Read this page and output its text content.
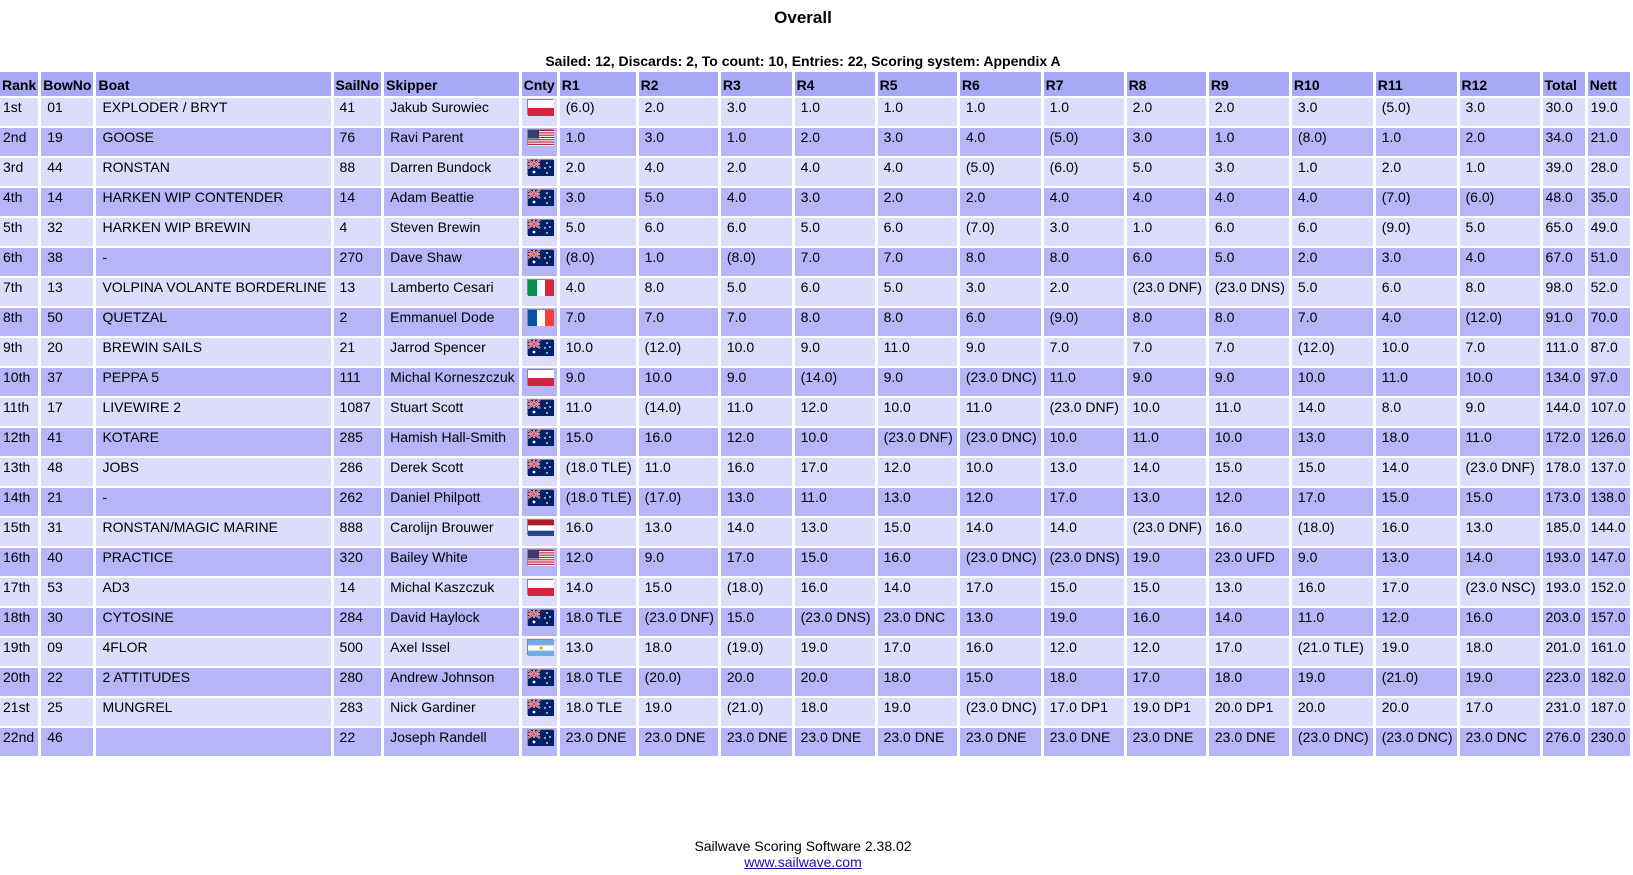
Overall
Sailed: 12, Discards: 2, To count: 10, Entries: 22, Scoring system: Appendix A
Rank	BowNo	Boat	SailNo	Skipper	Cnty	R1	R2	R3	R4	R5	R6	R7	R8	R9	R10	R11	R12	Total	Nett
1st	01	EXPLODER / BRYT	41	Jakub Surowiec		(6.0)	2.0	3.0	1.0	1.0	1.0	1.0	2.0	2.0	3.0	(5.0)	3.0	30.0	19.0
2nd	19	GOOSE	76	Ravi Parent		1.0	3.0	1.0	2.0	3.0	4.0	(5.0)	3.0	1.0	(8.0)	1.0	2.0	34.0	21.0
3rd	44	RONSTAN	88	Darren Bundock		2.0	4.0	2.0	4.0	4.0	(5.0)	(6.0)	5.0	3.0	1.0	2.0	1.0	39.0	28.0
4th	14	HARKEN WIP CONTENDER	14	Adam Beattie		3.0	5.0	4.0	3.0	2.0	2.0	4.0	4.0	4.0	4.0	(7.0)	(6.0)	48.0	35.0
5th	32	HARKEN WIP BREWIN	4	Steven Brewin		5.0	6.0	6.0	5.0	6.0	(7.0)	3.0	1.0	6.0	6.0	(9.0)	5.0	65.0	49.0
6th	38	-	270	Dave Shaw		(8.0)	1.0	(8.0)	7.0	7.0	8.0	8.0	6.0	5.0	2.0	3.0	4.0	67.0	51.0
7th	13	VOLPINA VOLANTE BORDERLINE	13	Lamberto Cesari		4.0	8.0	5.0	6.0	5.0	3.0	2.0	(23.0 DNF)	(23.0 DNS)	5.0	6.0	8.0	98.0	52.0
8th	50	QUETZAL	2	Emmanuel Dode		7.0	7.0	7.0	8.0	8.0	6.0	(9.0)	8.0	8.0	7.0	4.0	(12.0)	91.0	70.0
9th	20	BREWIN SAILS	21	Jarrod Spencer		10.0	(12.0)	10.0	9.0	11.0	9.0	7.0	7.0	7.0	(12.0)	10.0	7.0	111.0	87.0
10th	37	PEPPA 5	111	Michal Korneszczuk		9.0	10.0	9.0	(14.0)	9.0	(23.0 DNC)	11.0	9.0	9.0	10.0	11.0	10.0	134.0	97.0
11th	17	LIVEWIRE 2	1087	Stuart Scott		11.0	(14.0)	11.0	12.0	10.0	11.0	(23.0 DNF)	10.0	11.0	14.0	8.0	9.0	144.0	107.0
12th	41	KOTARE	285	Hamish Hall-Smith		15.0	16.0	12.0	10.0	(23.0 DNF)	(23.0 DNC)	10.0	11.0	10.0	13.0	18.0	11.0	172.0	126.0
13th	48	JOBS	286	Derek Scott		(18.0 TLE)	11.0	16.0	17.0	12.0	10.0	13.0	14.0	15.0	15.0	14.0	(23.0 DNF)	178.0	137.0
14th	21	-	262	Daniel Philpott		(18.0 TLE)	(17.0)	13.0	11.0	13.0	12.0	17.0	13.0	12.0	17.0	15.0	15.0	173.0	138.0
15th	31	RONSTAN/MAGIC MARINE	888	Carolijn Brouwer		16.0	13.0	14.0	13.0	15.0	14.0	14.0	(23.0 DNF)	16.0	(18.0)	16.0	13.0	185.0	144.0
16th	40	PRACTICE	320	Bailey White		12.0	9.0	17.0	15.0	16.0	(23.0 DNC)	(23.0 DNS)	19.0	23.0 UFD	9.0	13.0	14.0	193.0	147.0
17th	53	AD3	14	Michal Kaszczuk		14.0	15.0	(18.0)	16.0	14.0	17.0	15.0	15.0	13.0	16.0	17.0	(23.0 NSC)	193.0	152.0
18th	30	CYTOSINE	284	David Haylock		18.0 TLE	(23.0 DNF)	15.0	(23.0 DNS)	23.0 DNC	13.0	19.0	16.0	14.0	11.0	12.0	16.0	203.0	157.0
19th	09	4FLOR	500	Axel Issel		13.0	18.0	(19.0)	19.0	17.0	16.0	12.0	12.0	17.0	(21.0 TLE)	19.0	18.0	201.0	161.0
20th	22	2 ATTITUDES	280	Andrew Johnson		18.0 TLE	(20.0)	20.0	20.0	18.0	15.0	18.0	17.0	18.0	19.0	(21.0)	19.0	223.0	182.0
21st	25	MUNGREL	283	Nick Gardiner		18.0 TLE	19.0	(21.0)	18.0	19.0	(23.0 DNC)	17.0 DP1	19.0 DP1	20.0 DP1	20.0	20.0	17.0	231.0	187.0
22nd	46		22	Joseph Randell		23.0 DNE	23.0 DNE	23.0 DNE	23.0 DNE	23.0 DNE	23.0 DNE	23.0 DNE	23.0 DNE	23.0 DNE	(23.0 DNC)	(23.0 DNC)	23.0 DNC	276.0	230.0
Sailwave Scoring Software 2.38.02
www.sailwave.com
